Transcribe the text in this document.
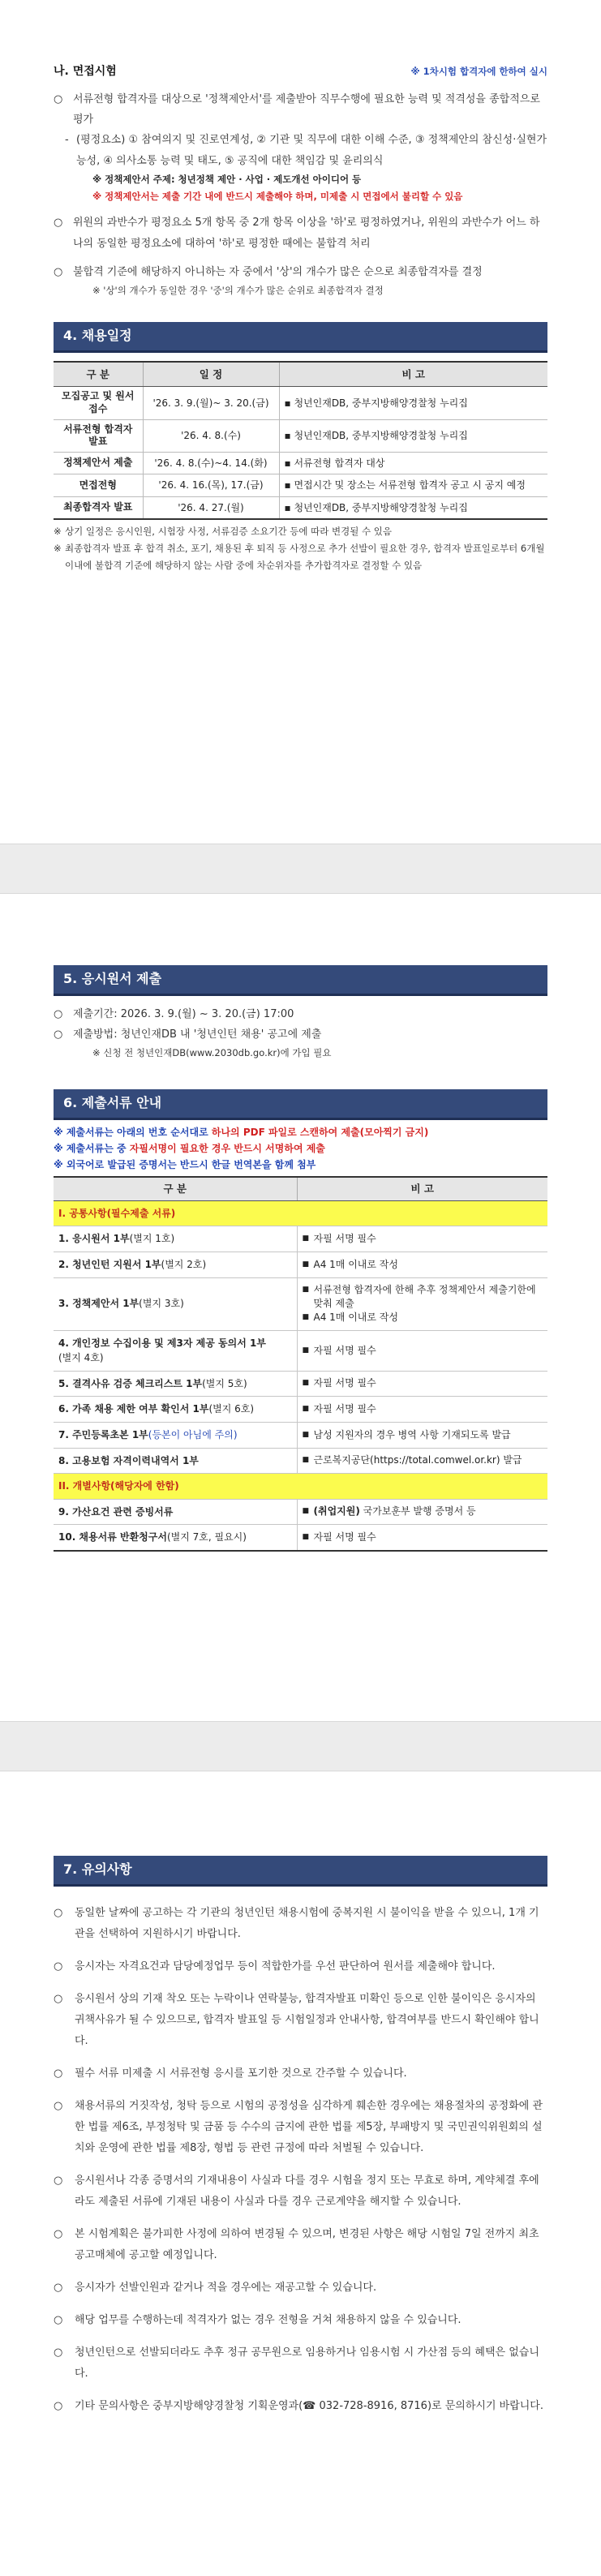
나. 면접시험	※ 1차시험 합격자에 한하여 실시
○ 서류전형 합격자를 대상으로 '정책제안서'를 제출받아 직무수행에 필요한 능력 및 적격성을 종합적으로 평가
- (평정요소) ① 참여의지 및 진로연계성, ② 기관 및 직무에 대한 이해 수준, ③ 정책제안의 참신성·실현가능성, ④ 의사소통 능력 및 태도, ⑤ 공직에 대한 책임감 및 윤리의식
※ 정책제안서 주제: 청년정책 제안 · 사업 · 제도개선 아이디어 등
※ 정책제안서는 제출 기간 내에 반드시 제출해야 하며, 미제출 시 면접에서 불리할 수 있음
○ 위원의 과반수가 평정요소 5개 항목 중 2개 항목 이상을 '하'로 평정하였거나, 위원의 과반수가 어느 하나의 동일한 평정요소에 대하여 '하'로 평정한 때에는 불합격 처리
○ 불합격 기준에 해당하지 아니하는 자 중에서 '상'의 개수가 많은 순으로 최종합격자를 결정
※ '상'의 개수가 동일한 경우 '중'의 개수가 많은 순위로 최종합격자 결정
4. 채용일정
구 분	일 정	비 고
모집공고 및 원서접수	'26. 3. 9.(월)~ 3. 20.(금)	▪ 청년인재DB, 중부지방해양경찰청 누리집
서류전형 합격자 발표	'26. 4. 8.(수)	▪ 청년인재DB, 중부지방해양경찰청 누리집
정책제안서 제출	'26. 4. 8.(수)~4. 14.(화)	▪ 서류전형 합격자 대상
면접전형	'26. 4. 16.(목), 17.(금)	▪ 면접시간 및 장소는 서류전형 합격자 공고 시 공지 예정
최종합격자 발표	'26. 4. 27.(월)	▪ 청년인재DB, 중부지방해양경찰청 누리집
※ 상기 일정은 응시인원, 시험장 사정, 서류검증 소요기간 등에 따라 변경될 수 있음
※ 최종합격자 발표 후 합격 취소, 포기, 채용된 후 퇴직 등 사정으로 추가 선발이 필요한 경우, 합격자 발표일로부터 6개월 이내에 불합격 기준에 해당하지 않는 사람 중에 차순위자를 추가합격자로 결정할 수 있음
5. 응시원서 제출
○ 제출기간: 2026. 3. 9.(월) ~ 3. 20.(금) 17:00
○ 제출방법: 청년인재DB 내 '청년인턴 채용' 공고에 제출
※ 신청 전 청년인재DB(www.2030db.go.kr)에 가입 필요
6. 제출서류 안내
※ 제출서류는 아래의 번호 순서대로 하나의 PDF 파일로 스캔하여 제출(모아찍기 금지)
※ 제출서류는 중 자필서명이 필요한 경우 반드시 서명하여 제출
※ 외국어로 발급된 증명서는 반드시 한글 번역본을 함께 첨부
구 분	비 고
I. 공통사항(필수제출 서류)	
1. 응시원서 1부(별지 1호)	■ 자필 서명 필수

2. 청년인턴 지원서 1부(별지 2호)	■ A4 1매 이내로 작성

3. 정책제안서 1부(별지 3호)	■ 서류전형 합격자에 한해 추후 정책제안서 제출기한에 맞춰 제출
■ A4 1매 이내로 작성

4. 개인정보 수집이용 및 제3자 제공 동의서 1부
(별지 4호)	■ 자필 서명 필수

5. 결격사유 검증 체크리스트 1부(별지 5호)	■ 자필 서명 필수

6. 가족 채용 제한 여부 확인서 1부(별지 6호)	■ 자필 서명 필수

7. 주민등록초본 1부(등본이 아님에 주의)	■ 남성 지원자의 경우 병역 사항 기재되도록 발급

8. 고용보험 자격이력내역서 1부	■ 근로복지공단(https://total.comwel.or.kr) 발급

II. 개별사항(해당자에 한함)	
9. 가산요건 관련 증빙서류	■ (취업지원) 국가보훈부 발행 증명서 등

10. 채용서류 반환청구서(별지 7호, 필요시)	■ 자필 서명 필수
7. 유의사항
○	동일한 날짜에 공고하는 각 기관의 청년인턴 채용시험에 중복지원 시 불이익을 받을 수 있으니, 1개 기관을 선택하여 지원하시기 바랍니다.
○	응시자는 자격요건과 담당예정업무 등이 적합한가를 우선 판단하여 원서를 제출해야 합니다.
○	응시원서 상의 기재 착오 또는 누락이나 연락불능, 합격자발표 미확인 등으로 인한 불이익은 응시자의 귀책사유가 될 수 있으므로, 합격자 발표일 등 시험일정과 안내사항, 합격여부를 반드시 확인해야 합니다.
○	필수 서류 미제출 시 서류전형 응시를 포기한 것으로 간주할 수 있습니다.
○	채용서류의 거짓작성, 청탁 등으로 시험의 공정성을 심각하게 훼손한 경우에는 채용절차의 공정화에 관한 법률 제6조, 부정청탁 및 금품 등 수수의 금지에 관한 법률 제5장, 부패방지 및 국민권익위원회의 설치와 운영에 관한 법률 제8장, 형법 등 관련 규정에 따라 처벌될 수 있습니다.
○	응시원서나 각종 증명서의 기재내용이 사실과 다를 경우 시험을 정지 또는 무효로 하며, 계약체결 후에라도 제출된 서류에 기재된 내용이 사실과 다를 경우 근로계약을 해지할 수 있습니다.
○	본 시험계획은 불가피한 사정에 의하여 변경될 수 있으며, 변경된 사항은 해당 시험일 7일 전까지 최초 공고매체에 공고할 예정입니다.
○	응시자가 선발인원과 같거나 적을 경우에는 재공고할 수 있습니다.
○	해당 업무를 수행하는데 적격자가 없는 경우 전형을 거쳐 채용하지 않을 수 있습니다.
○	청년인턴으로 선발되더라도 추후 정규 공무원으로 임용하거나 임용시험 시 가산점 등의 혜택은 없습니다.
○	기타 문의사항은 중부지방해양경찰청 기획운영과(☎ 032-728-8916, 8716)로 문의하시기 바랍니다.
